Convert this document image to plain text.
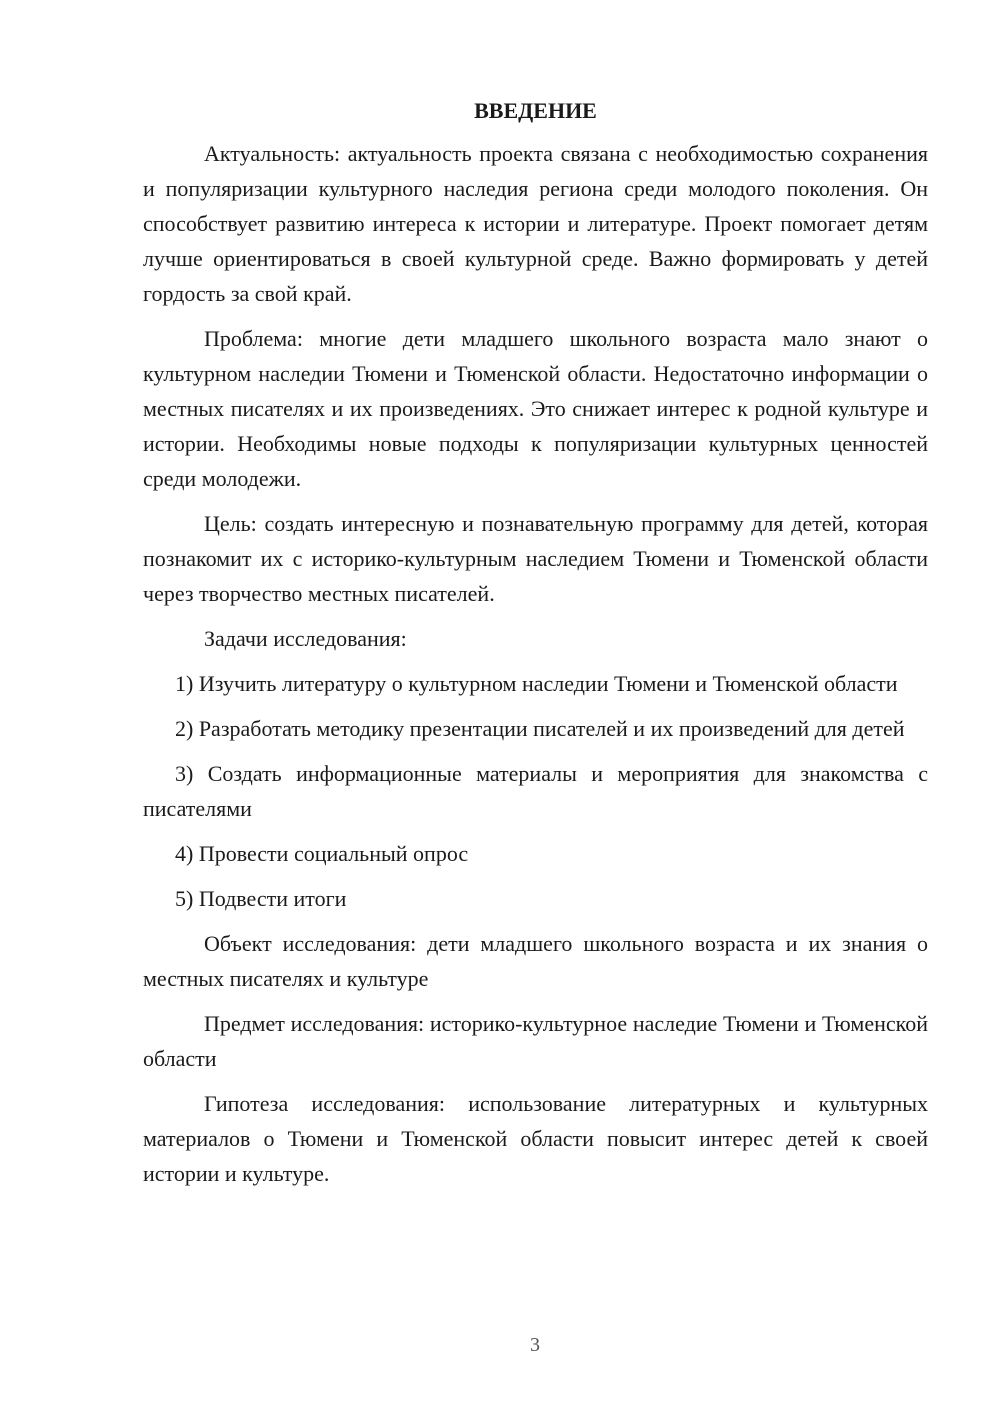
ВВЕДЕНИЕ

Актуальность: актуальность проекта связана с необходимостью сохранения и популяризации культурного наследия региона среди молодого поколения. Он способствует развитию интереса к истории и литературе. Проект помогает детям лучше ориентироваться в своей культурной среде. Важно формировать у детей гордость за свой край.

Проблема: многие дети младшего школьного возраста мало знают о культурном наследии Тюмени и Тюменской области. Недостаточно информации о местных писателях и их произведениях. Это снижает интерес к родной культуре и истории. Необходимы новые подходы к популяризации культурных ценностей среди молодежи.

Цель: создать интересную и познавательную программу для детей, которая познакомит их с историко-культурным наследием Тюмени и Тюменской области через творчество местных писателей.

Задачи исследования:

1) Изучить литературу о культурном наследии Тюмени и Тюменской области

2) Разработать методику презентации писателей и их произведений для детей

3) Создать информационные материалы и мероприятия для знакомства с писателями

4) Провести социальный опрос

5) Подвести итоги

Объект исследования: дети младшего школьного возраста и их знания о местных писателях и культуре

Предмет исследования: историко-культурное наследие Тюмени и Тюменской области

Гипотеза исследования: использование литературных и культурных материалов о Тюмени и Тюменской области повысит интерес детей к своей истории и культуре.

3
